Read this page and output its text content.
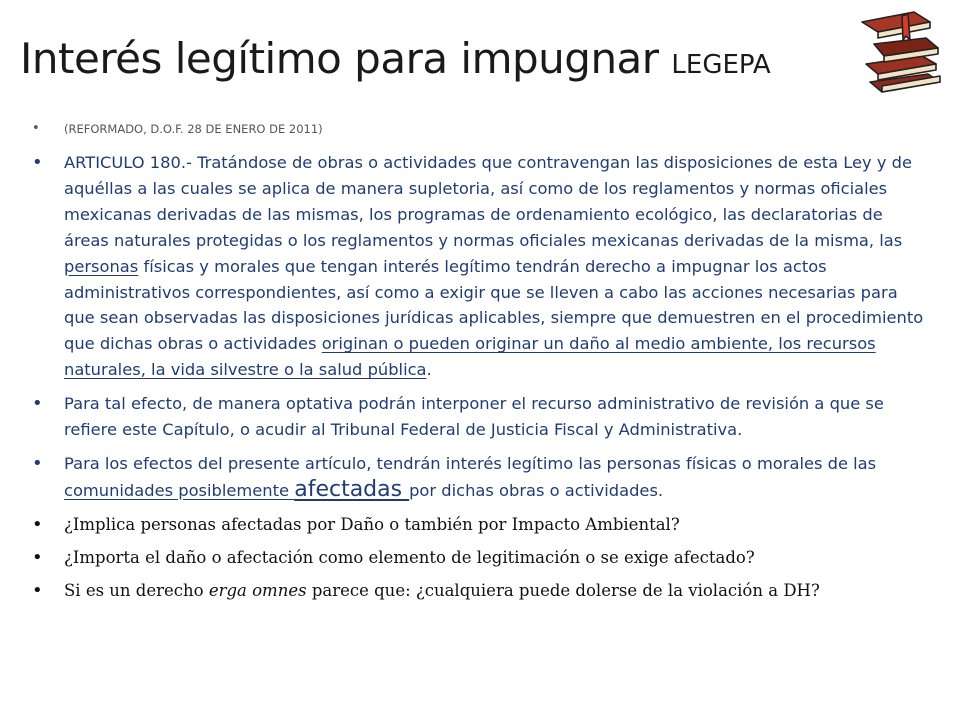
Interés legítimo para impugnar LEGEPA
• (REFORMADO, D.O.F. 28 DE ENERO DE 2011)
• ARTICULO 180.- Tratándose de obras o actividades que contravengan las disposiciones de esta Ley y de aquéllas a las cuales se aplica de manera supletoria, así como de los reglamentos y normas oficiales mexicanas derivadas de las mismas, los programas de ordenamiento ecológico, las declaratorias de áreas naturales protegidas o los reglamentos y normas oficiales mexicanas derivadas de la misma, las personas físicas y morales que tengan interés legítimo tendrán derecho a impugnar los actos administrativos correspondientes, así como a exigir que se lleven a cabo las acciones necesarias para que sean observadas las disposiciones jurídicas aplicables, siempre que demuestren en el procedimiento que dichas obras o actividades originan o pueden originar un daño al medio ambiente, los recursos naturales, la vida silvestre o la salud pública.
• Para tal efecto, de manera optativa podrán interponer el recurso administrativo de revisión a que se refiere este Capítulo, o acudir al Tribunal Federal de Justicia Fiscal y Administrativa.
• Para los efectos del presente artículo, tendrán interés legítimo las personas físicas o morales de las comunidades posiblemente afectadas por dichas obras o actividades.
• ¿Implica personas afectadas por Daño o también por Impacto Ambiental?
• ¿Importa el daño o afectación como elemento de legitimación o se exige afectado?
• Si es un derecho erga omnes parece que: ¿cualquiera puede dolerse de la violación a DH?
